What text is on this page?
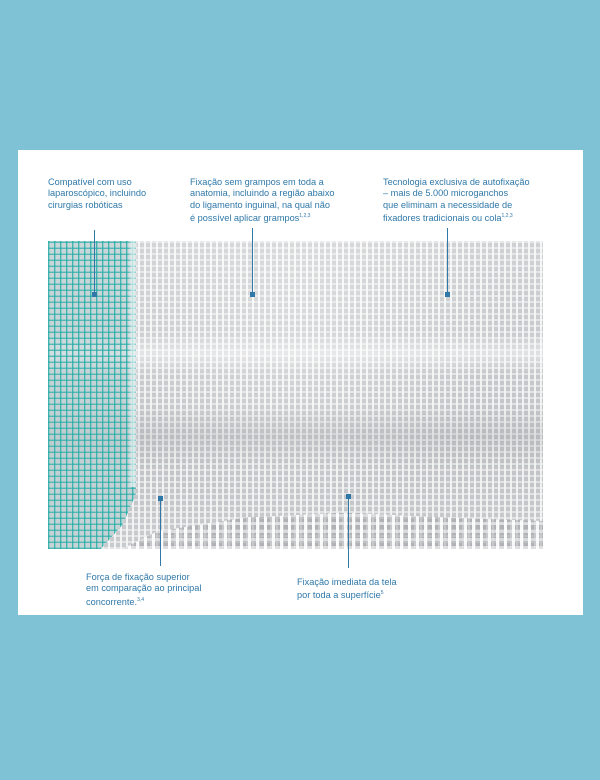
Compatível com uso
laparoscópico, incluindo
cirurgias robóticas
Fixação sem grampos em toda a
anatomia, incluindo a região abaixo
do ligamento inguinal, na qual não
é possível aplicar grampos$^{1,2,3}$
Tecnologia exclusiva de autofixação
– mais de 5.000 microganchos
que eliminam a necessidade de
fixadores tradicionais ou cola$^{1,2,3}$
Força de fixação superior
em comparação ao principal
concorrente.$^{3,4}$
Fixação imediata da tela
por toda a superfície$^5$
